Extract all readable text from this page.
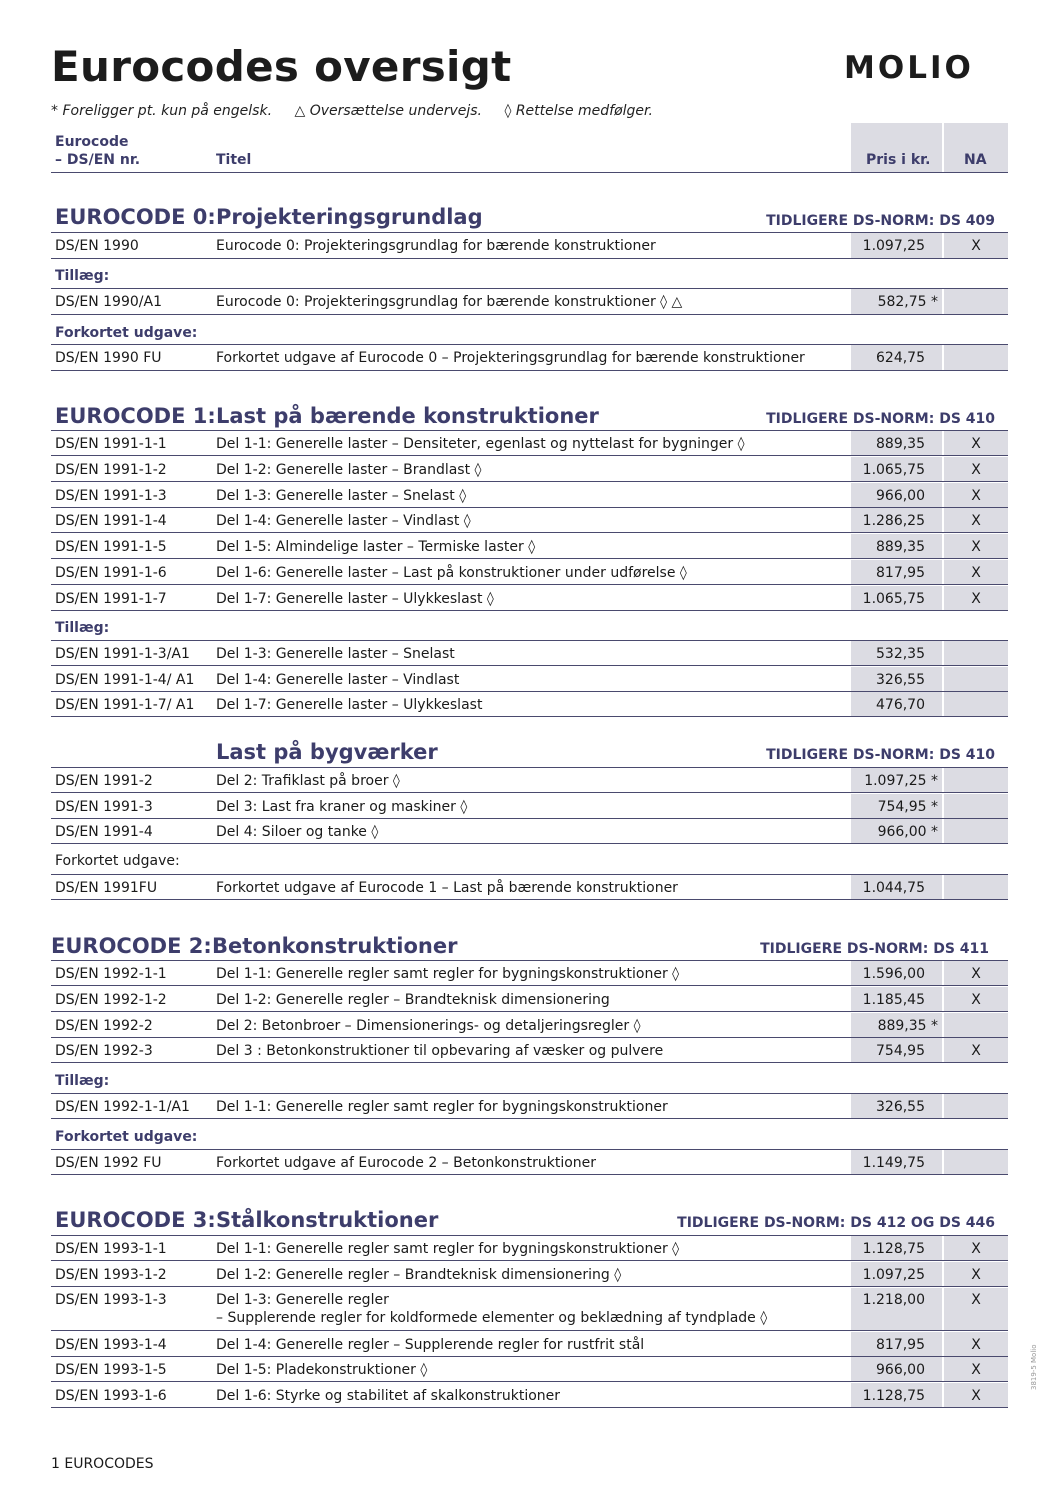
Eurocodes oversigt	MOLIO
* Foreligger pt. kun på engelsk. △ Oversættelse undervejs. ◊ Rettelse medfølger.
Eurocode
– DS/EN nr.	Titel	Pris i kr. NA
EUROCODE 0: Projekteringsgrundlag	TIDLIGERE DS-NORM: DS 409
DS/EN 1990	Eurocode 0: Projekteringsgrundlag for bærende konstruktioner	1.097,25	X
Tillæg:
DS/EN 1990/A1	Eurocode 0: Projekteringsgrundlag for bærende konstruktioner ◊ △	582,75 *
Forkortet udgave:
DS/EN 1990 FU	Forkortet udgave af Eurocode 0 – Projekteringsgrundlag for bærende konstruktioner	624,75
EUROCODE 1: Last på bærende konstruktioner	TIDLIGERE DS-NORM: DS 410
DS/EN 1991-1-1	Del 1-1: Generelle laster – Densiteter, egenlast og nyttelast for bygninger ◊	889,35	X
DS/EN 1991-1-2	Del 1-2: Generelle laster – Brandlast ◊	1.065,75	X
DS/EN 1991-1-3	Del 1-3: Generelle laster – Snelast ◊	966,00	X
DS/EN 1991-1-4	Del 1-4: Generelle laster – Vindlast ◊	1.286,25	X
DS/EN 1991-1-5	Del 1-5: Almindelige laster – Termiske laster ◊	889,35	X
DS/EN 1991-1-6	Del 1-6: Generelle laster – Last på konstruktioner under udførelse ◊	817,95	X
DS/EN 1991-1-7	Del 1-7: Generelle laster – Ulykkeslast ◊	1.065,75	X
Tillæg:
DS/EN 1991-1-3/A1 Del 1-3: Generelle laster – Snelast	532,35
DS/EN 1991-1-4/ A1 Del 1-4: Generelle laster – Vindlast	326,55
DS/EN 1991-1-7/ A1 Del 1-7: Generelle laster – Ulykkeslast	476,70
Last på bygværker	TIDLIGERE DS-NORM: DS 410
DS/EN 1991-2	Del 2: Trafiklast på broer ◊	1.097,25 *
DS/EN 1991-3	Del 3: Last fra kraner og maskiner ◊	754,95 *
DS/EN 1991-4	Del 4: Siloer og tanke ◊	966,00 *
Forkortet udgave:
DS/EN 1991FU	Forkortet udgave af Eurocode 1 – Last på bærende konstruktioner	1.044,75
EUROCODE 2: Betonkonstruktioner	TIDLIGERE DS-NORM: DS 411
DS/EN 1992-1-1	Del 1-1: Generelle regler samt regler for bygningskonstruktioner ◊	1.596,00	X
DS/EN 1992-1-2	Del 1-2: Generelle regler – Brandteknisk dimensionering	1.185,45	X
DS/EN 1992-2	Del 2: Betonbroer – Dimensionerings- og detaljeringsregler ◊	889,35 *
DS/EN 1992-3	Del 3 : Betonkonstruktioner til opbevaring af væsker og pulvere	754,95	X
Tillæg:
DS/EN 1992-1-1/A1 Del 1-1: Generelle regler samt regler for bygningskonstruktioner	326,55
Forkortet udgave:
DS/EN 1992 FU	Forkortet udgave af Eurocode 2 – Betonkonstruktioner	1.149,75
EUROCODE 3: Stålkonstruktioner	TIDLIGERE DS-NORM: DS 412 OG DS 446
DS/EN 1993-1-1	Del 1-1: Generelle regler samt regler for bygningskonstruktioner ◊	1.128,75	X
DS/EN 1993-1-2	Del 1-2: Generelle regler – Brandteknisk dimensionering ◊	1.097,25	X
DS/EN 1993-1-3	Del 1-3: Generelle regler
– Supplerende regler for koldformede elementer og beklædning af tyndplade ◊
1.218,00	X
DS/EN 1993-1-4	Del 1-4: Generelle regler – Supplerende regler for rustfrit stål	817,95	X
DS/EN 1993-1-5	Del 1-5: Pladekonstruktioner ◊	966,00	X
DS/EN 1993-1-6	Del 1-6: Styrke og stabilitet af skalkonstruktioner	1.128,75	X
1 EUROCODES
3819-5 Molio
